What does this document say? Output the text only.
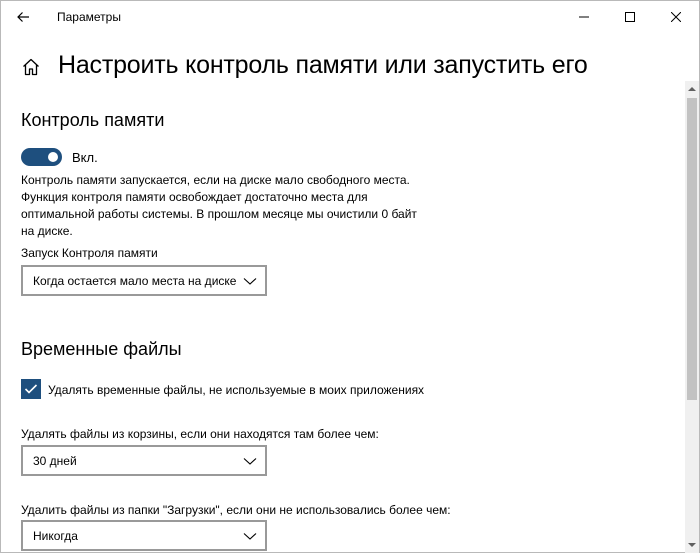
Параметры
Настроить контроль памяти или запустить его
Контроль памяти
Вкл.
Контроль памяти запускается, если на диске мало свободного места. Функция контроля памяти освобождает достаточно места для оптимальной работы системы. В прошлом месяце мы очистили 0 байт на диске.
Запуск Контроля памяти
Когда остается мало места на диске
Временные файлы
Удалять временные файлы, не используемые в моих приложениях
Удалять файлы из корзины, если они находятся там более чем:
30 дней
Удалить файлы из папки "Загрузки", если они не использовались более чем:
Никогда
